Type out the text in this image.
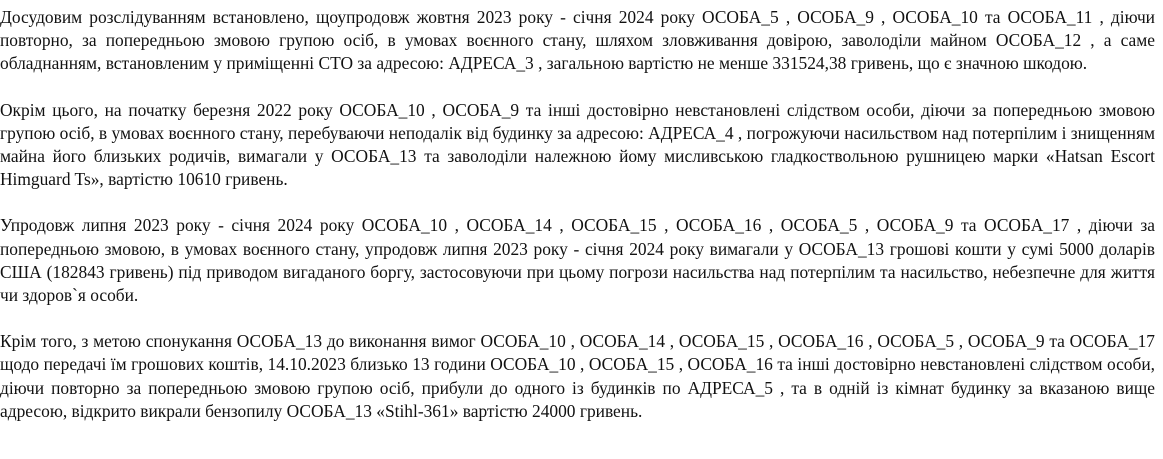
Досудовим розслідуванням встановлено, щоупродовж жовтня 2023 року - січня 2024 року ОСОБА_5 , ОСОБА_9 , ОСОБА_10 та ОСОБА_11 , діючи повторно, за попередньою змовою групою осіб, в умовах воєнного стану, шляхом зловживання довірою, заволоділи майном ОСОБА_12 , а саме обладнанням, встановленим у приміщенні СТО за адресою: АДРЕСА_3 , загальною вартістю не менше 331524,38 гривень, що є значною шкодою.

Окрім цього, на початку березня 2022 року ОСОБА_10 , ОСОБА_9 та інші достовірно невстановлені слідством особи, діючи за попередньою змовою групою осіб, в умовах воєнного стану, перебуваючи неподалік від будинку за адресою: АДРЕСА_4 , погрожуючи насильством над потерпілим і знищенням майна його близьких родичів, вимагали у ОСОБА_13 та заволоділи належною йому мисливською гладкоствольною рушницею марки «Hatsan Escort Himguard Ts», вартістю 10610 гривень.

Упродовж липня 2023 року - січня 2024 року ОСОБА_10 , ОСОБА_14 , ОСОБА_15 , ОСОБА_16 , ОСОБА_5 , ОСОБА_9 та ОСОБА_17 , діючи за попередньою змовою, в умовах воєнного стану, упродовж липня 2023 року - січня 2024 року вимагали у ОСОБА_13 грошові кошти у сумі 5000 доларів США (182843 гривень) під приводом вигаданого боргу, застосовуючи при цьому погрози насильства над потерпілим та насильство, небезпечне для життя чи здоров`я особи.

Крім того, з метою спонукання ОСОБА_13 до виконання вимог ОСОБА_10 , ОСОБА_14 , ОСОБА_15 , ОСОБА_16 , ОСОБА_5 , ОСОБА_9 та ОСОБА_17 щодо передачі їм грошових коштів, 14.10.2023 близько 13 години ОСОБА_10 , ОСОБА_15 , ОСОБА_16 та інші достовірно невстановлені слідством особи, діючи повторно за попередньою змовою групою осіб, прибули до одного із будинків по АДРЕСА_5 , та в одній із кімнат будинку за вказаною вище адресою, відкрито викрали бензопилу ОСОБА_13 «Stihl-361» вартістю 24000 гривень.
